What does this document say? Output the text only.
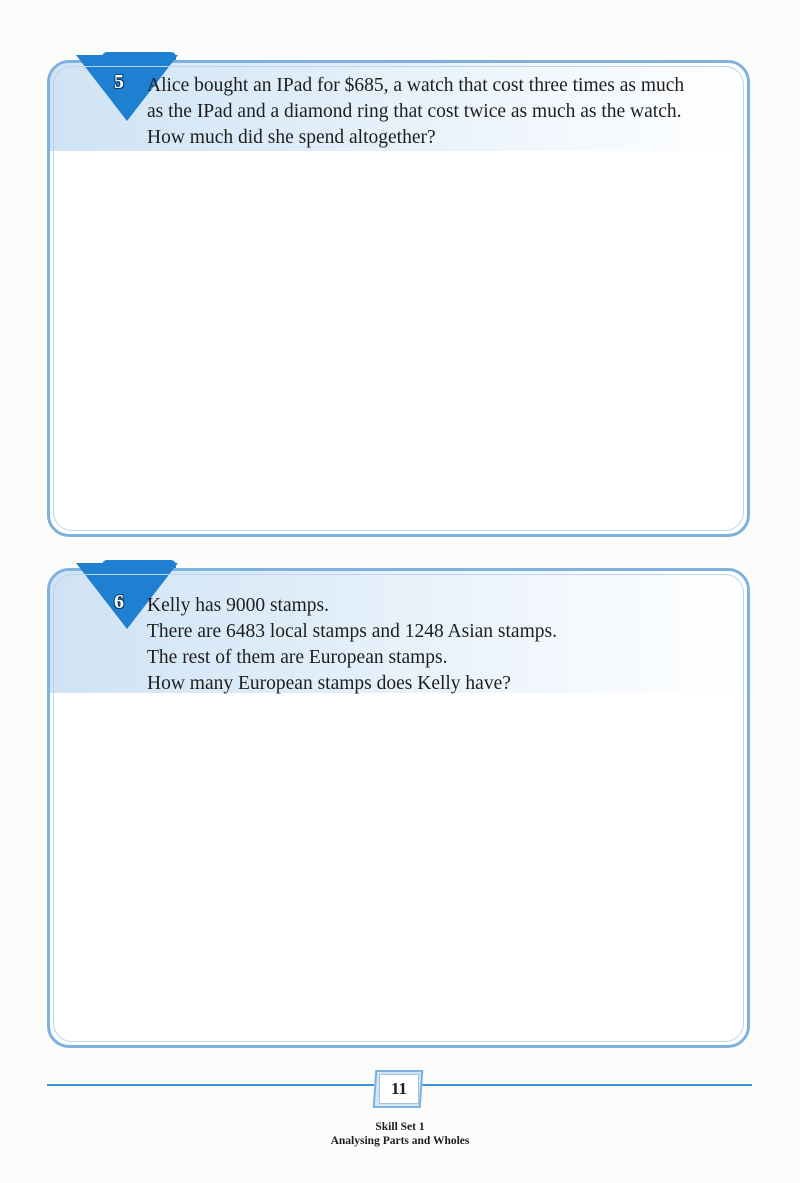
5	Alice bought an IPad for $685, a watch that cost three times as much
as the IPad and a diamond ring that cost twice as much as the watch.
How much did she spend altogether?

6	Kelly has 9000 stamps.
There are 6483 local stamps and 1248 Asian stamps.
The rest of them are European stamps.
How many European stamps does Kelly have?

11
Skill Set 1
Analysing Parts and Wholes
